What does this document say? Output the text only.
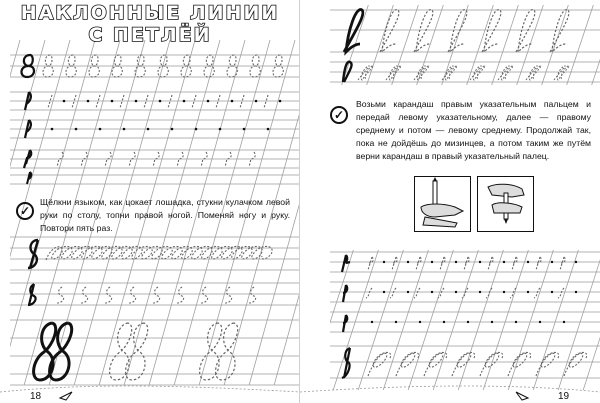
НАКЛОННЫЕ ЛИНИИ
С ПЕТЛЁЙ
✓
Щёлкни языком, как цокает лошадка, стукни кулачком левой руки по столу, топни правой ногой. Поменяй ногу и руку. Повтори пять раз.
18
✓
Возьми карандаш правым указательным пальцем и передай левому указательному, далее — правому среднему и потом — левому среднему. Продолжай так, пока не дойдёшь до мизинцев, а потом таким же путём верни карандаш в правый указательный палец.
19
